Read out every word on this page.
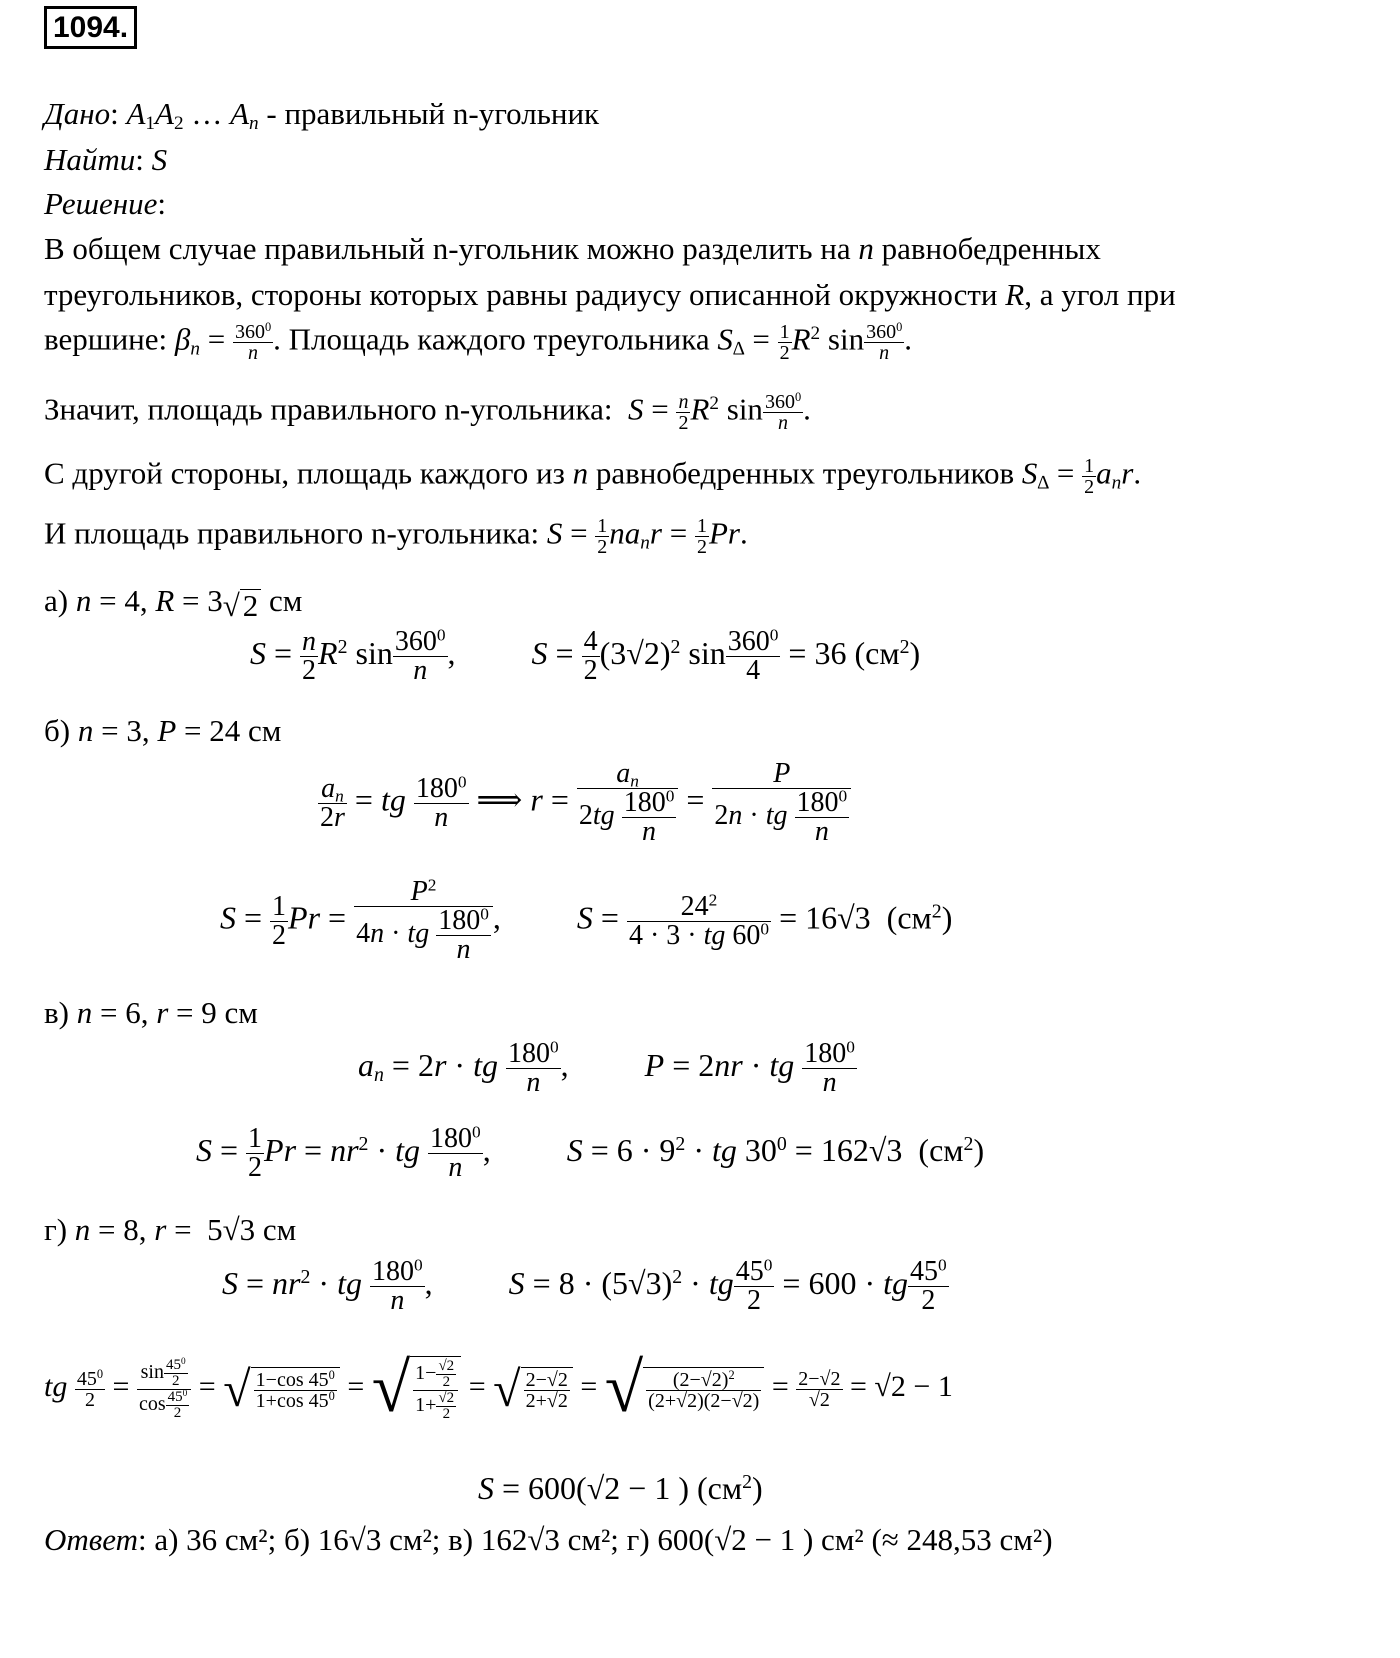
1094.
Дано: $A_1A_2$ … $A_n$ - правильный n-угольник
Найти: S
Решение:
В общем случае правильный n-угольник можно разделить на n равнобедренных
треугольников, стороны которых равны радиусу описанной окружности R, а угол при
вершине: $\beta_n = \frac{360^0}{n}$ . Площадь каждого треугольника $S_\Delta = \frac{1}{2} R^2$ $\sin \frac{360^0}{n}$ .
Значит, площадь правильного n-угольника:  $S = \frac{n}{2} R^2$ $\sin \frac{360^0}{n}$ .
С другой стороны, площадь каждого из n равнобедренных треугольников $S_\Delta = \frac{1}{2} a_nr$.
И площадь правильного n-угольника: $S = \frac{1}{2} na_nr = \frac{1}{2} Pr$.
а) n = 4, R = 3√2 см
$S = \frac{n}{2} R^2$ $\sin \frac{360^0}{n}$ ,  $S = \frac{4}{2} (3√2)^2$ $\sin \frac{360^0}{4} = 36$ $(см^2)$
б) n = 3, P = 24 см
$\frac{a_n}{2r}$ = tg $\frac{180^0}{n}$ ⟹ $r = \frac{a_n}{2tg \frac{180^0}{n}} = \frac{P}{2n \cdot tg \frac{180^0}{n}}$
$S = \frac{1}{2}$ $Pr = \frac{P^2}{4n \cdot tg \frac{180^0}{n}}$ ,  $S = \frac{24^2}{4 \cdot 3 \cdot tg 60^0} = 16√3$  $(см^2)$
в) n = 6, r = 9 см
$a_n = 2r$ · tg $\frac{180^0}{n}$ ,  P = 2nr · tg $\frac{180^0}{n}$
$S = \frac{1}{2}$ $Pr = nr^2$ · tg $\frac{180^0}{n}$ ,  $S = 6 \cdot 9^2$ · tg $30^0 = 162√3$  $(см^2)$
г) n = 8, r =  5√3 см
$S = nr^2$ · tg $\frac{180^0}{n}$ ,  $S = 8 \cdot (5√3)^2$ · tg $\frac{45^0}{2} = 600$ · tg $\frac{45^0}{2}$
tg $\frac{45^0}{2} = \frac{\sin \frac{45^0}{2}}{\cos \frac{45^0}{2}}$ = √ $\frac{1-\cos 45^0}{1+\cos 45^0}$ = √ $\frac{1- \frac{√2}{2}}{1+ \frac{√2}{2}}$ = √ $\frac{2-√2}{2+√2}$ = √ $\frac{(2-√2)^2}{(2+√2)(2-√2)} = \frac{2-√2}{√2} = √2 - 1$
S = 600(√2 − 1 ) $(см^2)$
Ответ: а) 36 см²; б) 16√3 см²; в) 162√3 см²; г) 600(√2 − 1 ) см² (≈ 248,53 см²)
